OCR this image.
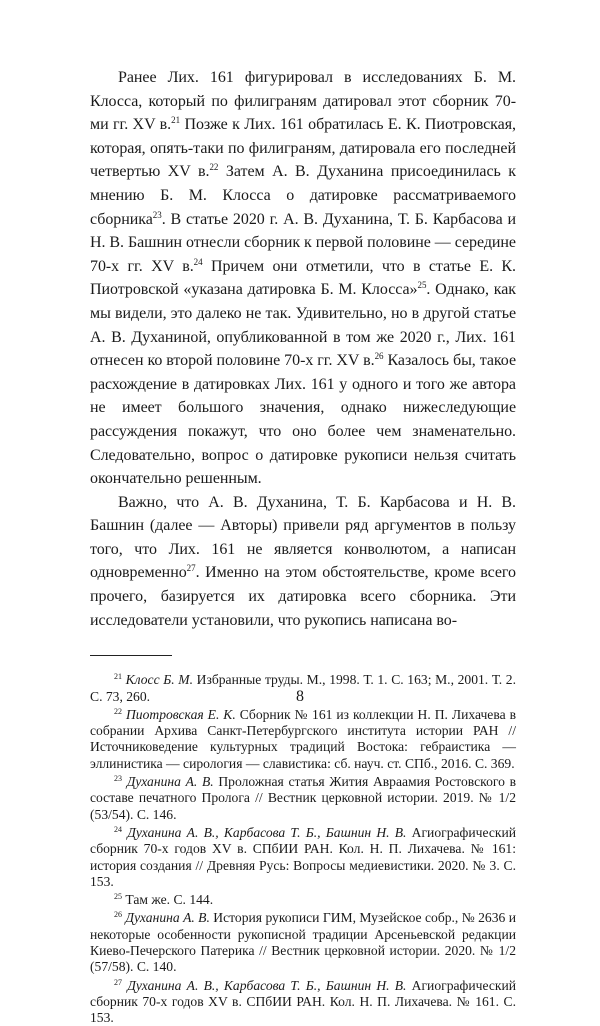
Ранее Лих. 161 фигурировал в исследованиях Б. М. Клосса, который по филиграням датировал этот сборник 70-ми гг. XV в.$^{21}$ Позже к Лих. 161 обратилась Е. К. Пиотровская, которая, опять-таки по филиграням, датировала его последней четвертью XV в.$^{22}$ Затем А. В. Духанина присоединилась к мнению Б. М. Клосса о датировке рассматриваемого сборника$^{23}$. В статье 2020 г. А. В. Духанина, Т. Б. Карбасова и Н. В. Башнин отнесли сборник к первой половине — середине 70-х гг. XV в.$^{24}$ Причем они отметили, что в статье Е. К. Пиотровской «указана датировка Б. М. Клосса»$^{25}$. Однако, как мы видели, это далеко не так. Удивительно, но в другой статье А. В. Духаниной, опубликованной в том же 2020 г., Лих. 161 отнесен ко второй половине 70-х гг. XV в.$^{26}$ Казалось бы, такое расхождение в датировках Лих. 161 у одного и того же автора не имеет большого значения, однако нижеследующие рассуждения покажут, что оно более чем знаменательно. Следовательно, вопрос о датировке рукописи нельзя считать окончательно решенным.

Важно, что А. В. Духанина, Т. Б. Карбасова и Н. В. Башнин (далее — Авторы) привели ряд аргументов в пользу того, что Лих. 161 не является конволютом, а написан одновременно$^{27}$. Именно на этом обстоятельстве, кроме всего прочего, базируется их датировка всего сборника. Эти исследователи установили, что рукопись написана во-

$^{21}$ Клосс Б. М. Избранные труды. М., 1998. Т. 1. С. 163; М., 2001. Т. 2. С. 73, 260.

$^{22}$ Пиотровская Е. К. Сборник № 161 из коллекции Н. П. Лихачева в собрании Архива Санкт-Петербургского института истории РАН // Источниковедение культурных традиций Востока: гебраистика — эллинистика — сирология — славистика: сб. науч. ст. СПб., 2016. С. 369.

$^{23}$ Духанина А. В. Проложная статья Жития Авраамия Ростовского в составе печатного Пролога // Вестник церковной истории. 2019. № 1/2 (53/54). С. 146.

$^{24}$ Духанина А. В., Карбасова Т. Б., Башнин Н. В. Агиографический сборник 70-х годов XV в. СПбИИ РАН. Кол. Н. П. Лихачева. № 161: история создания // Древняя Русь: Вопросы медиевистики. 2020. № 3. С. 153.

$^{25}$ Там же. С. 144.

$^{26}$ Духанина А. В. История рукописи ГИМ, Музейское собр., № 2636 и некоторые особенности рукописной традиции Арсеньевской редакции Киево-Печерского Патерика // Вестник церковной истории. 2020. № 1/2 (57/58). С. 140.

$^{27}$ Духанина А. В., Карбасова Т. Б., Башнин Н. В. Агиографический сборник 70-х годов XV в. СПбИИ РАН. Кол. Н. П. Лихачева. № 161. С. 153.

8
